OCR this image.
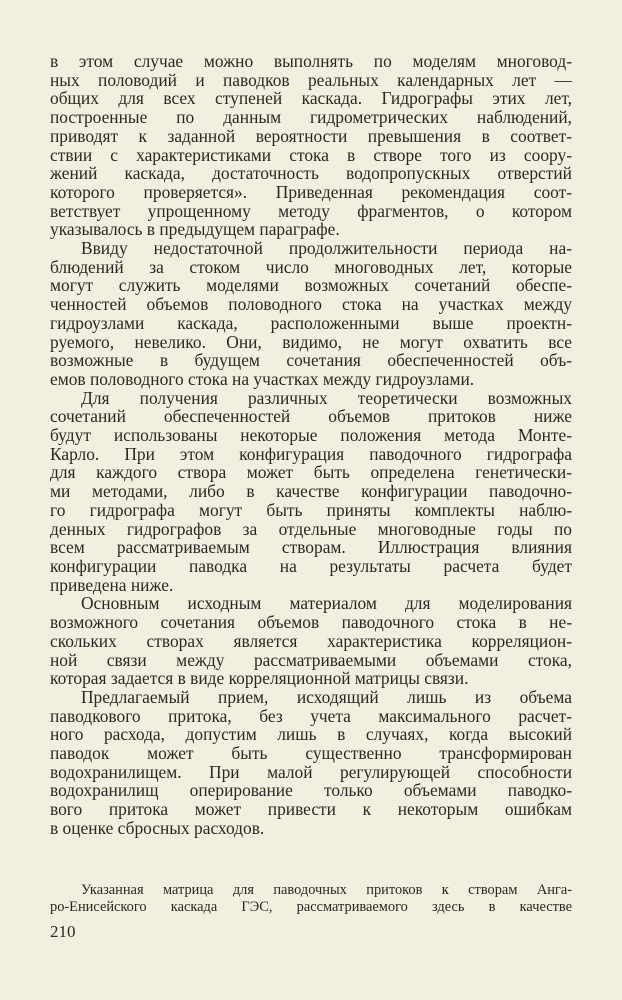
в этом случае можно выполнять по моделям многовод-
ных половодий и паводков реальных календарных лет —
общих для всех ступеней каскада. Гидрографы этих лет,
построенные по данным гидрометрических наблюдений,
приводят к заданной вероятности превышения в соответ-
ствии с характеристиками стока в створе того из соору-
жений каскада, достаточность водопропускных отверстий
которого проверяется». Приведенная рекомендация соот-
ветствует упрощенному методу фрагментов, о котором
указывалось в предыдущем параграфе.
Ввиду недостаточной продолжительности периода на-
блюдений за стоком число многоводных лет, которые
могут служить моделями возможных сочетаний обеспе-
ченностей объемов половодного стока на участках между
гидроузлами каскада, расположенными выше проектн-
руемого, невелико. Они, видимо, не могут охватить все
возможные в будущем сочетания обеспеченностей объ-
емов половодного стока на участках между гидроузлами.
Для получения различных теоретически возможных
сочетаний обеспеченностей объемов притоков ниже
будут использованы некоторые положения метода Монте-
Карло. При этом конфигурация паводочного гидрографа
для каждого створа может быть определена генетически-
ми методами, либо в качестве конфигурации паводочно-
го гидрографа могут быть приняты комплекты наблю-
денных гидрографов за отдельные многоводные годы по
всем рассматриваемым створам. Иллюстрация влияния
конфигурации паводка на результаты расчета будет
приведена ниже.
Основным исходным материалом для моделирования
возможного сочетания объемов паводочного стока в не-
скольких створах является характеристика корреляцион-
ной связи между рассматриваемыми объемами стока,
которая задается в виде корреляционной матрицы связи.
Предлагаемый прием, исходящий лишь из объема
паводкового притока, без учета максимального расчет-
ного расхода, допустим лишь в случаях, когда высокий
паводок может быть существенно трансформирован
водохранилищем. При малой регулирующей способности
водохранилищ оперирование только объемами паводко-
вого притока может привести к некоторым ошибкам
в оценке сбросных расходов.
Указанная матрица для паводочных притоков к створам Анга-
ро-Енисейского каскада ГЭС, рассматриваемого здесь в качестве
210
